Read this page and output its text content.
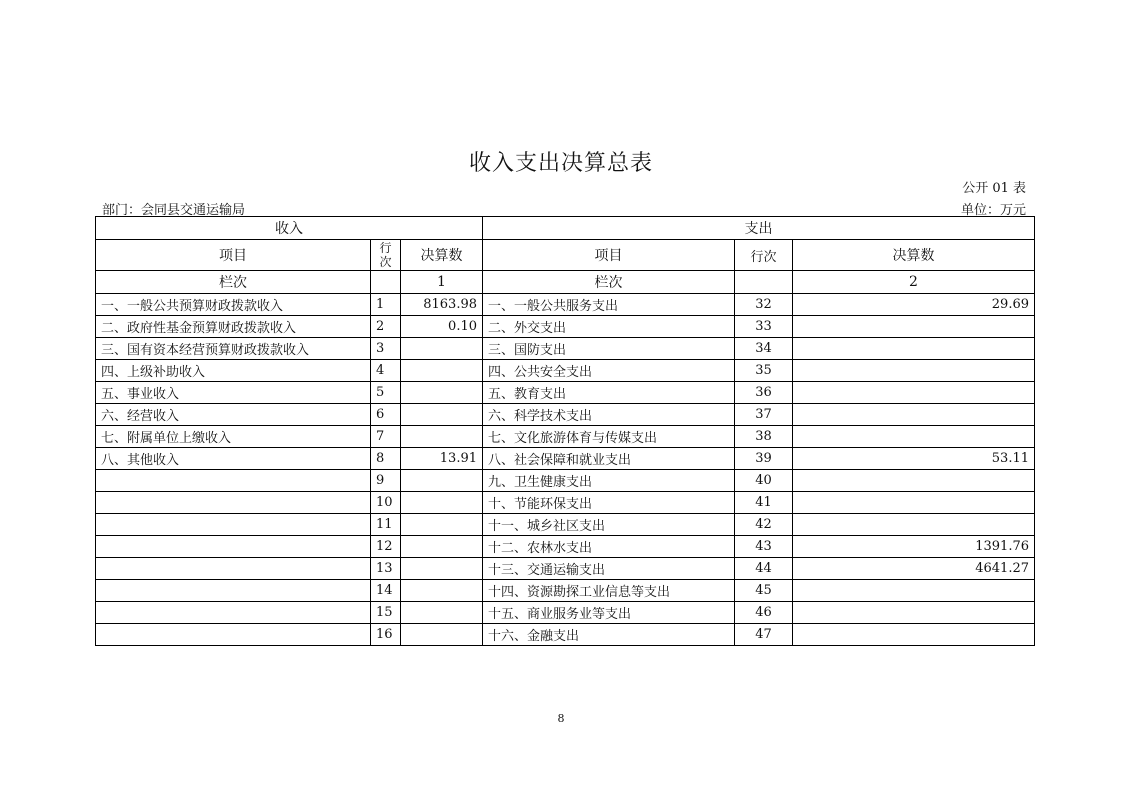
收入支出决算总表
公开 01 表
部门：会同县交通运输局	单位：万元
收入			支出		
项目	行次	决算数	项目	行次	决算数
栏次		1	栏次		2
一、一般公共预算财政拨款收入	1	8163.98	一、一般公共服务支出	32	29.69
二、政府性基金预算财政拨款收入	2	0.10	二、外交支出	33	
三、国有资本经营预算财政拨款收入	3		三、国防支出	34	
四、上级补助收入	4		四、公共安全支出	35	
五、事业收入	5		五、教育支出	36	
六、经营收入	6		六、科学技术支出	37	
七、附属单位上缴收入	7		七、文化旅游体育与传媒支出	38	
八、其他收入	8	13.91	八、社会保障和就业支出	39	53.11
	9		九、卫生健康支出	40	
	10		十、节能环保支出	41	
	11		十一、城乡社区支出	42	
	12		十二、农林水支出	43	1391.76
	13		十三、交通运输支出	44	4641.27
	14		十四、资源勘探工业信息等支出	45	
	15		十五、商业服务业等支出	46	
	16		十六、金融支出	47	
8
